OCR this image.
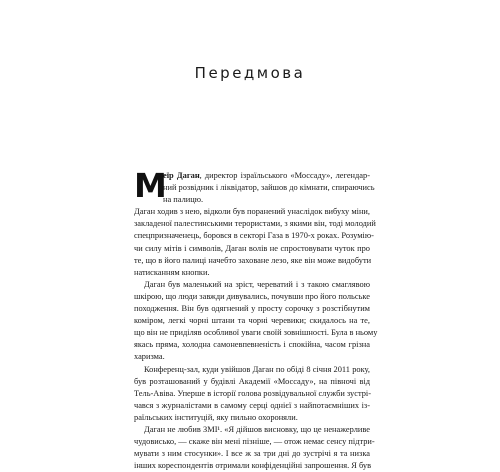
Передмова
М
еїр Даган, директор ізраїльського «Моссаду», легендар-
ний розвідник і ліквідатор, зайшов до кімнати, спираючись
на палицю.
Даган ходив з нею, відколи був поранений унаслідок вибуху міни,
закладеної палестинськими терористами, з якими він, тоді молодий
спецпризначенець, боровся в секторі Газа в 1970-х роках. Розумію-
чи силу мітів і символів, Даган волів не спростовувати чуток про
те, що в його палиці начебто заховане лезо, яке він може видобути
натисканням кнопки.
Даган був маленький на зріст, череватий і з такою смаглявою
шкірою, що люди завжди дивувались, почувши про його польське
походження. Він був одягнений у просту сорочку з розстібнутим
коміром, легкі чорні штани та чорні черевики; скидалось на те,
що він не приділяв особливої уваги своїй зовнішності. Була в ньому
якась пряма, холодна самоневпевненість і спокійна, часом грізна
харизма.
Конференц-зал, куди увійшов Даган по обіді 8 січня 2011 року,
був розташований у будівлі Академії «Моссаду», на півночі від
Тель-Авіва. Уперше в історії голова розвідувальної служби зустрі-
чався з журналістами в самому серці однієї з найпотаємніших із-
раїльських інституцій, яку пильно охороняли.
Даган не любив ЗМІ¹. «Я дійшов висновку, що це ненажерливе
чудовисько, — скаже він мені пізніше, — отож немає сенсу підтри-
мувати з ним стосунки». І все ж за три дні до зустрічі я та низка
інших кореспондентів отримали конфіденційні запрошення. Я був
